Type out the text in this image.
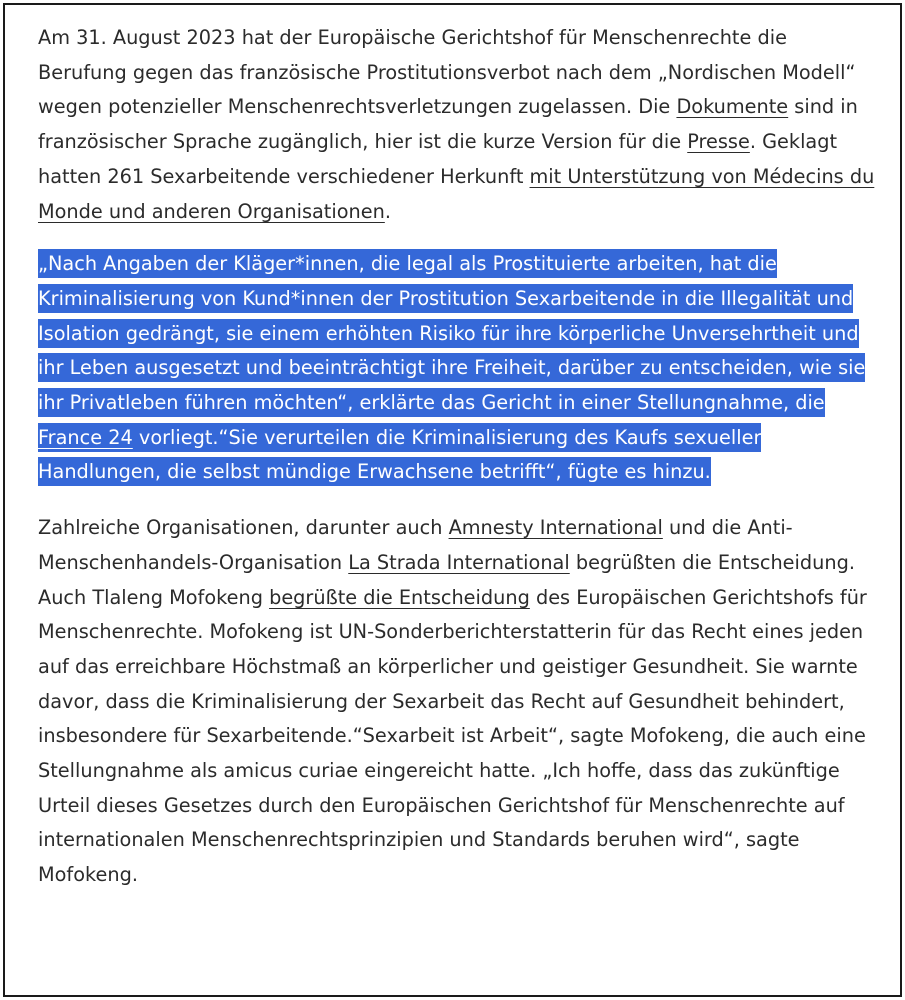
Am 31. August 2023 hat der Europäische Gerichtshof für Menschenrechte die Berufung gegen das französische Prostitutionsverbot nach dem „Nordischen Modell“ wegen potenzieller Menschenrechtsverletzungen zugelassen. Die Dokumente sind in französischer Sprache zugänglich, hier ist die kurze Version für die Presse. Geklagt hatten 261 Sexarbeitende verschiedener Herkunft mit Unterstützung von Médecins du Monde und anderen Organisationen.

„Nach Angaben der Kläger*innen, die legal als Prostituierte arbeiten, hat die Kriminalisierung von Kund*innen der Prostitution Sexarbeitende in die Illegalität und Isolation gedrängt, sie einem erhöhten Risiko für ihre körperliche Unversehrtheit und ihr Leben ausgesetzt und beeinträchtigt ihre Freiheit, darüber zu entscheiden, wie sie ihr Privatleben führen möchten“, erklärte das Gericht in einer Stellungnahme, die France 24 vorliegt.“Sie verurteilen die Kriminalisierung des Kaufs sexueller Handlungen, die selbst mündige Erwachsene betrifft“, fügte es hinzu.

Zahlreiche Organisationen, darunter auch Amnesty International und die Anti-Menschenhandels-Organisation La Strada International begrüßten die Entscheidung. Auch Tlaleng Mofokeng begrüßte die Entscheidung des Europäischen Gerichtshofs für Menschenrechte. Mofokeng ist UN-Sonderberichterstatterin für das Recht eines jeden auf das erreichbare Höchstmaß an körperlicher und geistiger Gesundheit. Sie warnte davor, dass die Kriminalisierung der Sexarbeit das Recht auf Gesundheit behindert, insbesondere für Sexarbeitende.“Sexarbeit ist Arbeit“, sagte Mofokeng, die auch eine Stellungnahme als amicus curiae eingereicht hatte. „Ich hoffe, dass das zukünftige Urteil dieses Gesetzes durch den Europäischen Gerichtshof für Menschenrechte auf internationalen Menschenrechtsprinzipien und Standards beruhen wird“, sagte Mofokeng.
